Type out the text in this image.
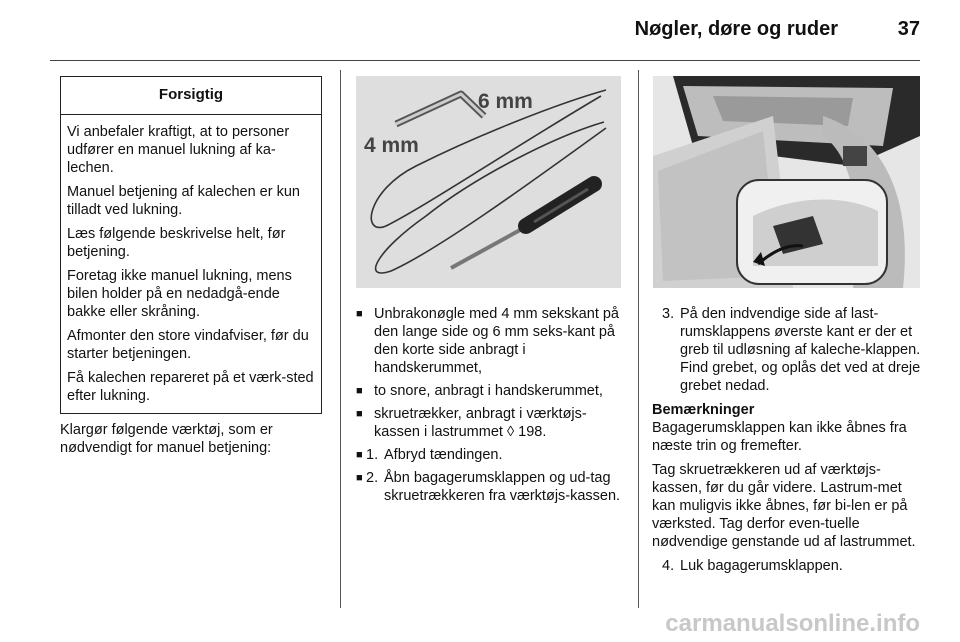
Nøgler, døre og ruder	37
Forsigtig

Vi anbefaler kraftigt, at to personer udfører en manuel lukning af ka-lechen.

Manuel betjening af kalechen er kun tilladt ved lukning.

Læs følgende beskrivelse helt, før betjening.

Foretag ikke manuel lukning, mens bilen holder på en nedadgå-ende bakke eller skråning.

Afmonter den store vindafviser, før du starter betjeningen.

Få kalechen repareret på et værk-sted efter lukning.

Klargør følgende værktøj, som er nødvendigt for manuel betjening:
6 mm
4 mm
■ Unbrakonøgle med 4 mm sekskant på den lange side og 6 mm seks-kant på den korte side anbragt i handskerummet,
■ to snore, anbragt i handskerummet,
■ skruetrækker, anbragt i værktøjs-kassen i lastrummet ◊ 198.
■ 1. Afbryd tændingen.
■ 2. Åbn bagagerumsklappen og ud-tag skruetrækkeren fra værktøjs-kassen.
3. På den indvendige side af last-rumsklappens øverste kant er der et greb til udløsning af kaleche-klappen. Find grebet, og oplås det ved at dreje grebet nedad.
Bemærkninger
Bagagerumsklappen kan ikke åbnes fra næste trin og fremefter.
Tag skruetrækkeren ud af værktøjs-kassen, før du går videre. Lastrum-met kan muligvis ikke åbnes, før bi-len er på værksted. Tag derfor even-tuelle nødvendige genstande ud af lastrummet.
4. Luk bagagerumsklappen.
carmanualsonline.info
